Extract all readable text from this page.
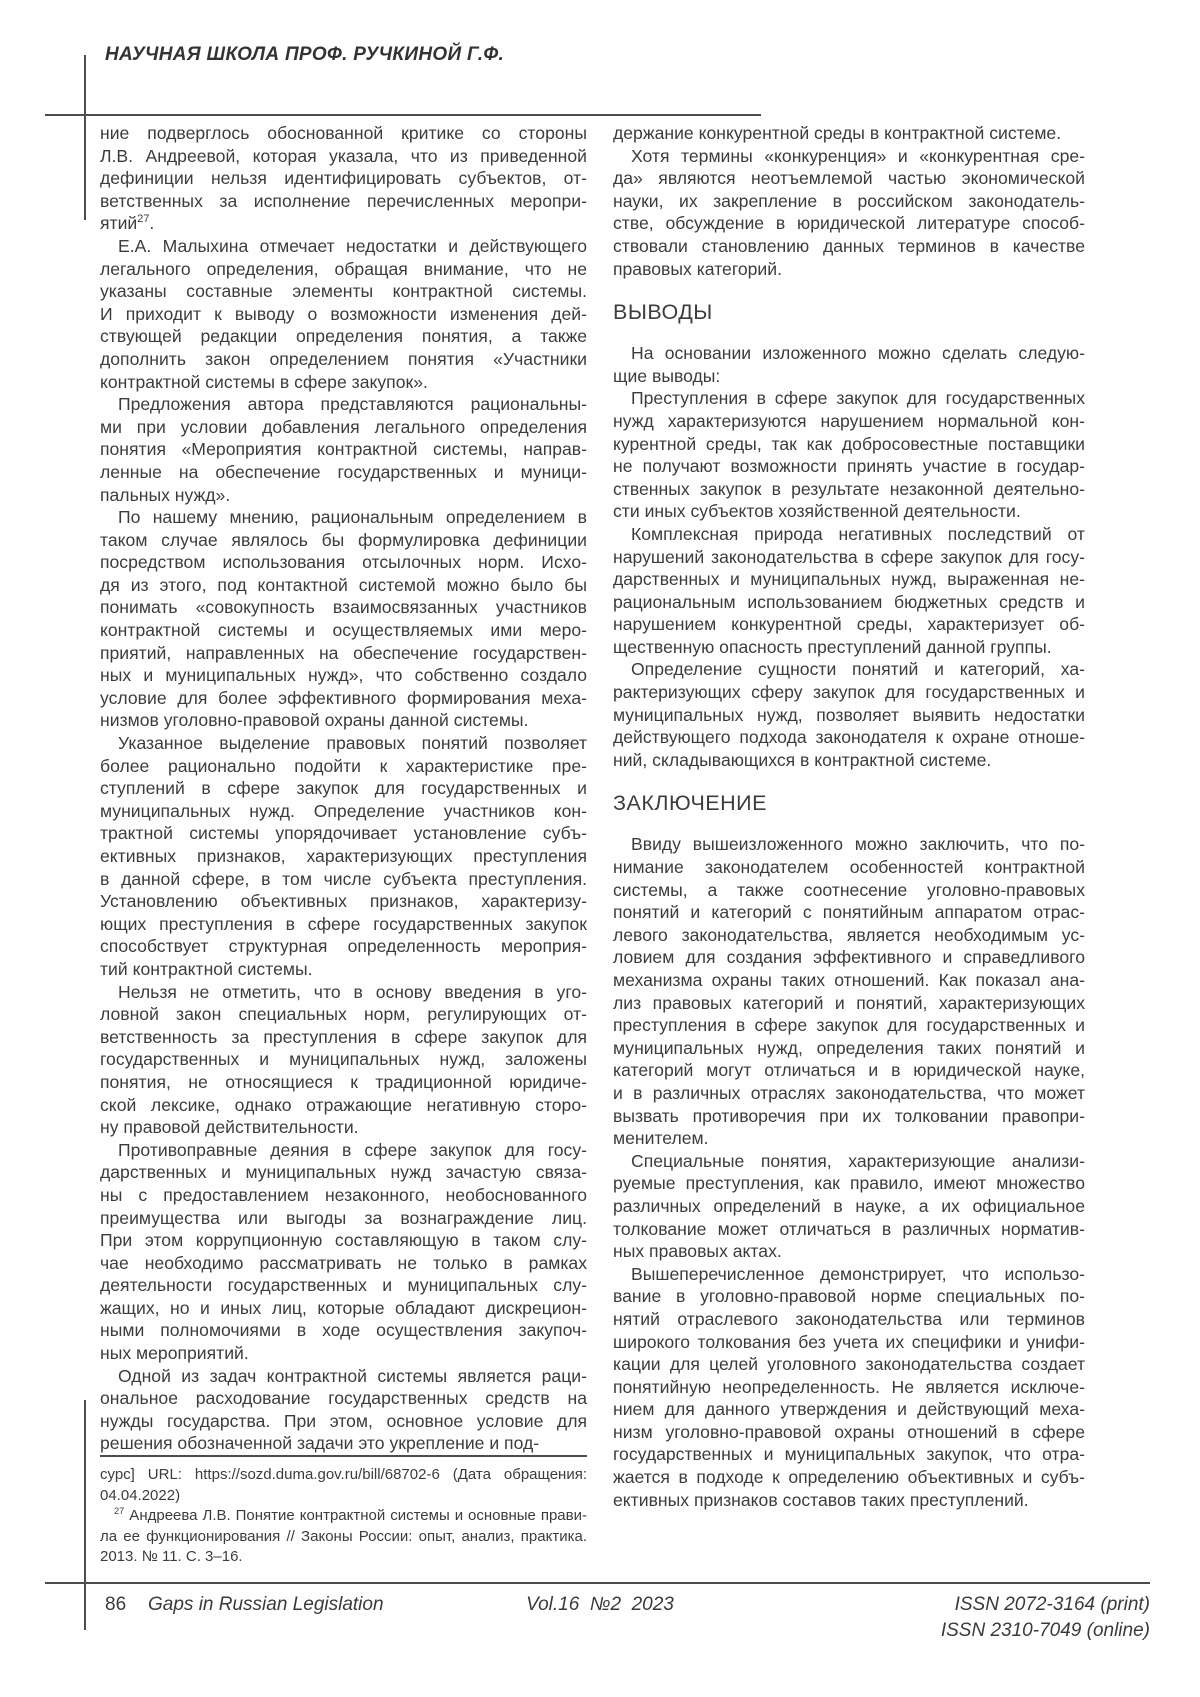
НАУЧНАЯ ШКОЛА ПРОФ. РУЧКИНОЙ Г.Ф.
ние подверглось обоснованной критике со стороны
Л.В. Андреевой, которая указала, что из приведенной
дефиниции нельзя идентифицировать субъектов, от-
ветственных за исполнение перечисленных меропри-
ятий$^{27}$.
Е.А. Малыхина отмечает недостатки и действующего
легального определения, обращая внимание, что не
указаны составные элементы контрактной системы.
И приходит к выводу о возможности изменения дей-
ствующей редакции определения понятия, а также
дополнить закон определением понятия «Участники
контрактной системы в сфере закупок».
Предложения автора представляются рациональны-
ми при условии добавления легального определения
понятия «Мероприятия контрактной системы, направ-
ленные на обеспечение государственных и муници-
пальных нужд».
По нашему мнению, рациональным определением в
таком случае являлось бы формулировка дефиниции
посредством использования отсылочных норм. Исхо-
дя из этого, под контактной системой можно было бы
понимать «совокупность взаимосвязанных участников
контрактной системы и осуществляемых ими меро-
приятий, направленных на обеспечение государствен-
ных и муниципальных нужд», что собственно создало
условие для более эффективного формирования меха-
низмов уголовно-правовой охраны данной системы.
Указанное выделение правовых понятий позволяет
более рационально подойти к характеристике пре-
ступлений в сфере закупок для государственных и
муниципальных нужд. Определение участников кон-
трактной системы упорядочивает установление субъ-
ективных признаков, характеризующих преступления
в данной сфере, в том числе субъекта преступления.
Установлению объективных признаков, характеризу-
ющих преступления в сфере государственных закупок
способствует структурная определенность мероприя-
тий контрактной системы.
Нельзя не отметить, что в основу введения в уго-
ловной закон специальных норм, регулирующих от-
ветственность за преступления в сфере закупок для
государственных и муниципальных нужд, заложены
понятия, не относящиеся к традиционной юридиче-
ской лексике, однако отражающие негативную сторо-
ну правовой действительности.
Противоправные деяния в сфере закупок для госу-
дарственных и муниципальных нужд зачастую связа-
ны с предоставлением незаконного, необоснованного
преимущества или выгоды за вознаграждение лиц.
При этом коррупционную составляющую в таком слу-
чае необходимо рассматривать не только в рамках
деятельности государственных и муниципальных слу-
жащих, но и иных лиц, которые обладают дискрецион-
ными полномочиями в ходе осуществления закупоч-
ных мероприятий.
Одной из задач контрактной системы является раци-
ональное расходование государственных средств на
нужды государства. При этом, основное условие для
решения обозначенной задачи это укрепление и под-
держание конкурентной среды в контрактной системе.
Хотя термины «конкуренция» и «конкурентная сре-
да» являются неотъемлемой частью экономической
науки, их закрепление в российском законодатель-
стве, обсуждение в юридической литературе способ-
ствовали становлению данных терминов в качестве
правовых категорий.
ВЫВОДЫ
На основании изложенного можно сделать следую-
щие выводы:
Преступления в сфере закупок для государственных
нужд характеризуются нарушением нормальной кон-
курентной среды, так как добросовестные поставщики
не получают возможности принять участие в государ-
ственных закупок в результате незаконной деятельно-
сти иных субъектов хозяйственной деятельности.
Комплексная природа негативных последствий от
нарушений законодательства в сфере закупок для госу-
дарственных и муниципальных нужд, выраженная не-
рациональным использованием бюджетных средств и
нарушением конкурентной среды, характеризует об-
щественную опасность преступлений данной группы.
Определение сущности понятий и категорий, ха-
рактеризующих сферу закупок для государственных и
муниципальных нужд, позволяет выявить недостатки
действующего подхода законодателя к охране отноше-
ний, складывающихся в контрактной системе.
ЗАКЛЮЧЕНИЕ
Ввиду вышеизложенного можно заключить, что по-
нимание законодателем особенностей контрактной
системы, а также соотнесение уголовно-правовых
понятий и категорий с понятийным аппаратом отрас-
левого законодательства, является необходимым ус-
ловием для создания эффективного и справедливого
механизма охраны таких отношений. Как показал ана-
лиз правовых категорий и понятий, характеризующих
преступления в сфере закупок для государственных и
муниципальных нужд, определения таких понятий и
категорий могут отличаться и в юридической науке,
и в различных отраслях законодательства, что может
вызвать противоречия при их толковании правопри-
менителем.
Специальные понятия, характеризующие анализи-
руемые преступления, как правило, имеют множество
различных определений в науке, а их официальное
толкование может отличаться в различных норматив-
ных правовых актах.
Вышеперечисленное демонстрирует, что использо-
вание в уголовно-правовой норме специальных по-
нятий отраслевого законодательства или терминов
широкого толкования без учета их специфики и унифи-
кации для целей уголовного законодательства создает
понятийную неопределенность. Не является исключе-
нием для данного утверждения и действующий меха-
низм уголовно-правовой охраны отношений в сфере
государственных и муниципальных закупок, что отра-
жается в подходе к определению объективных и субъ-
ективных признаков составов таких преступлений.
сурс] URL: https://sozd.duma.gov.ru/bill/68702-6 (Дата обращения:
04.04.2022)
$^{27}$ Андреева Л.В. Понятие контрактной системы и основные прави-
ла ее функционирования // Законы России: опыт, анализ, практика.
2013. № 11. С. 3–16.
86 Gaps in Russian Legislation	Vol.16  №2  2023	ISSN 2072-3164 (print)
ISSN 2310-7049 (online)
